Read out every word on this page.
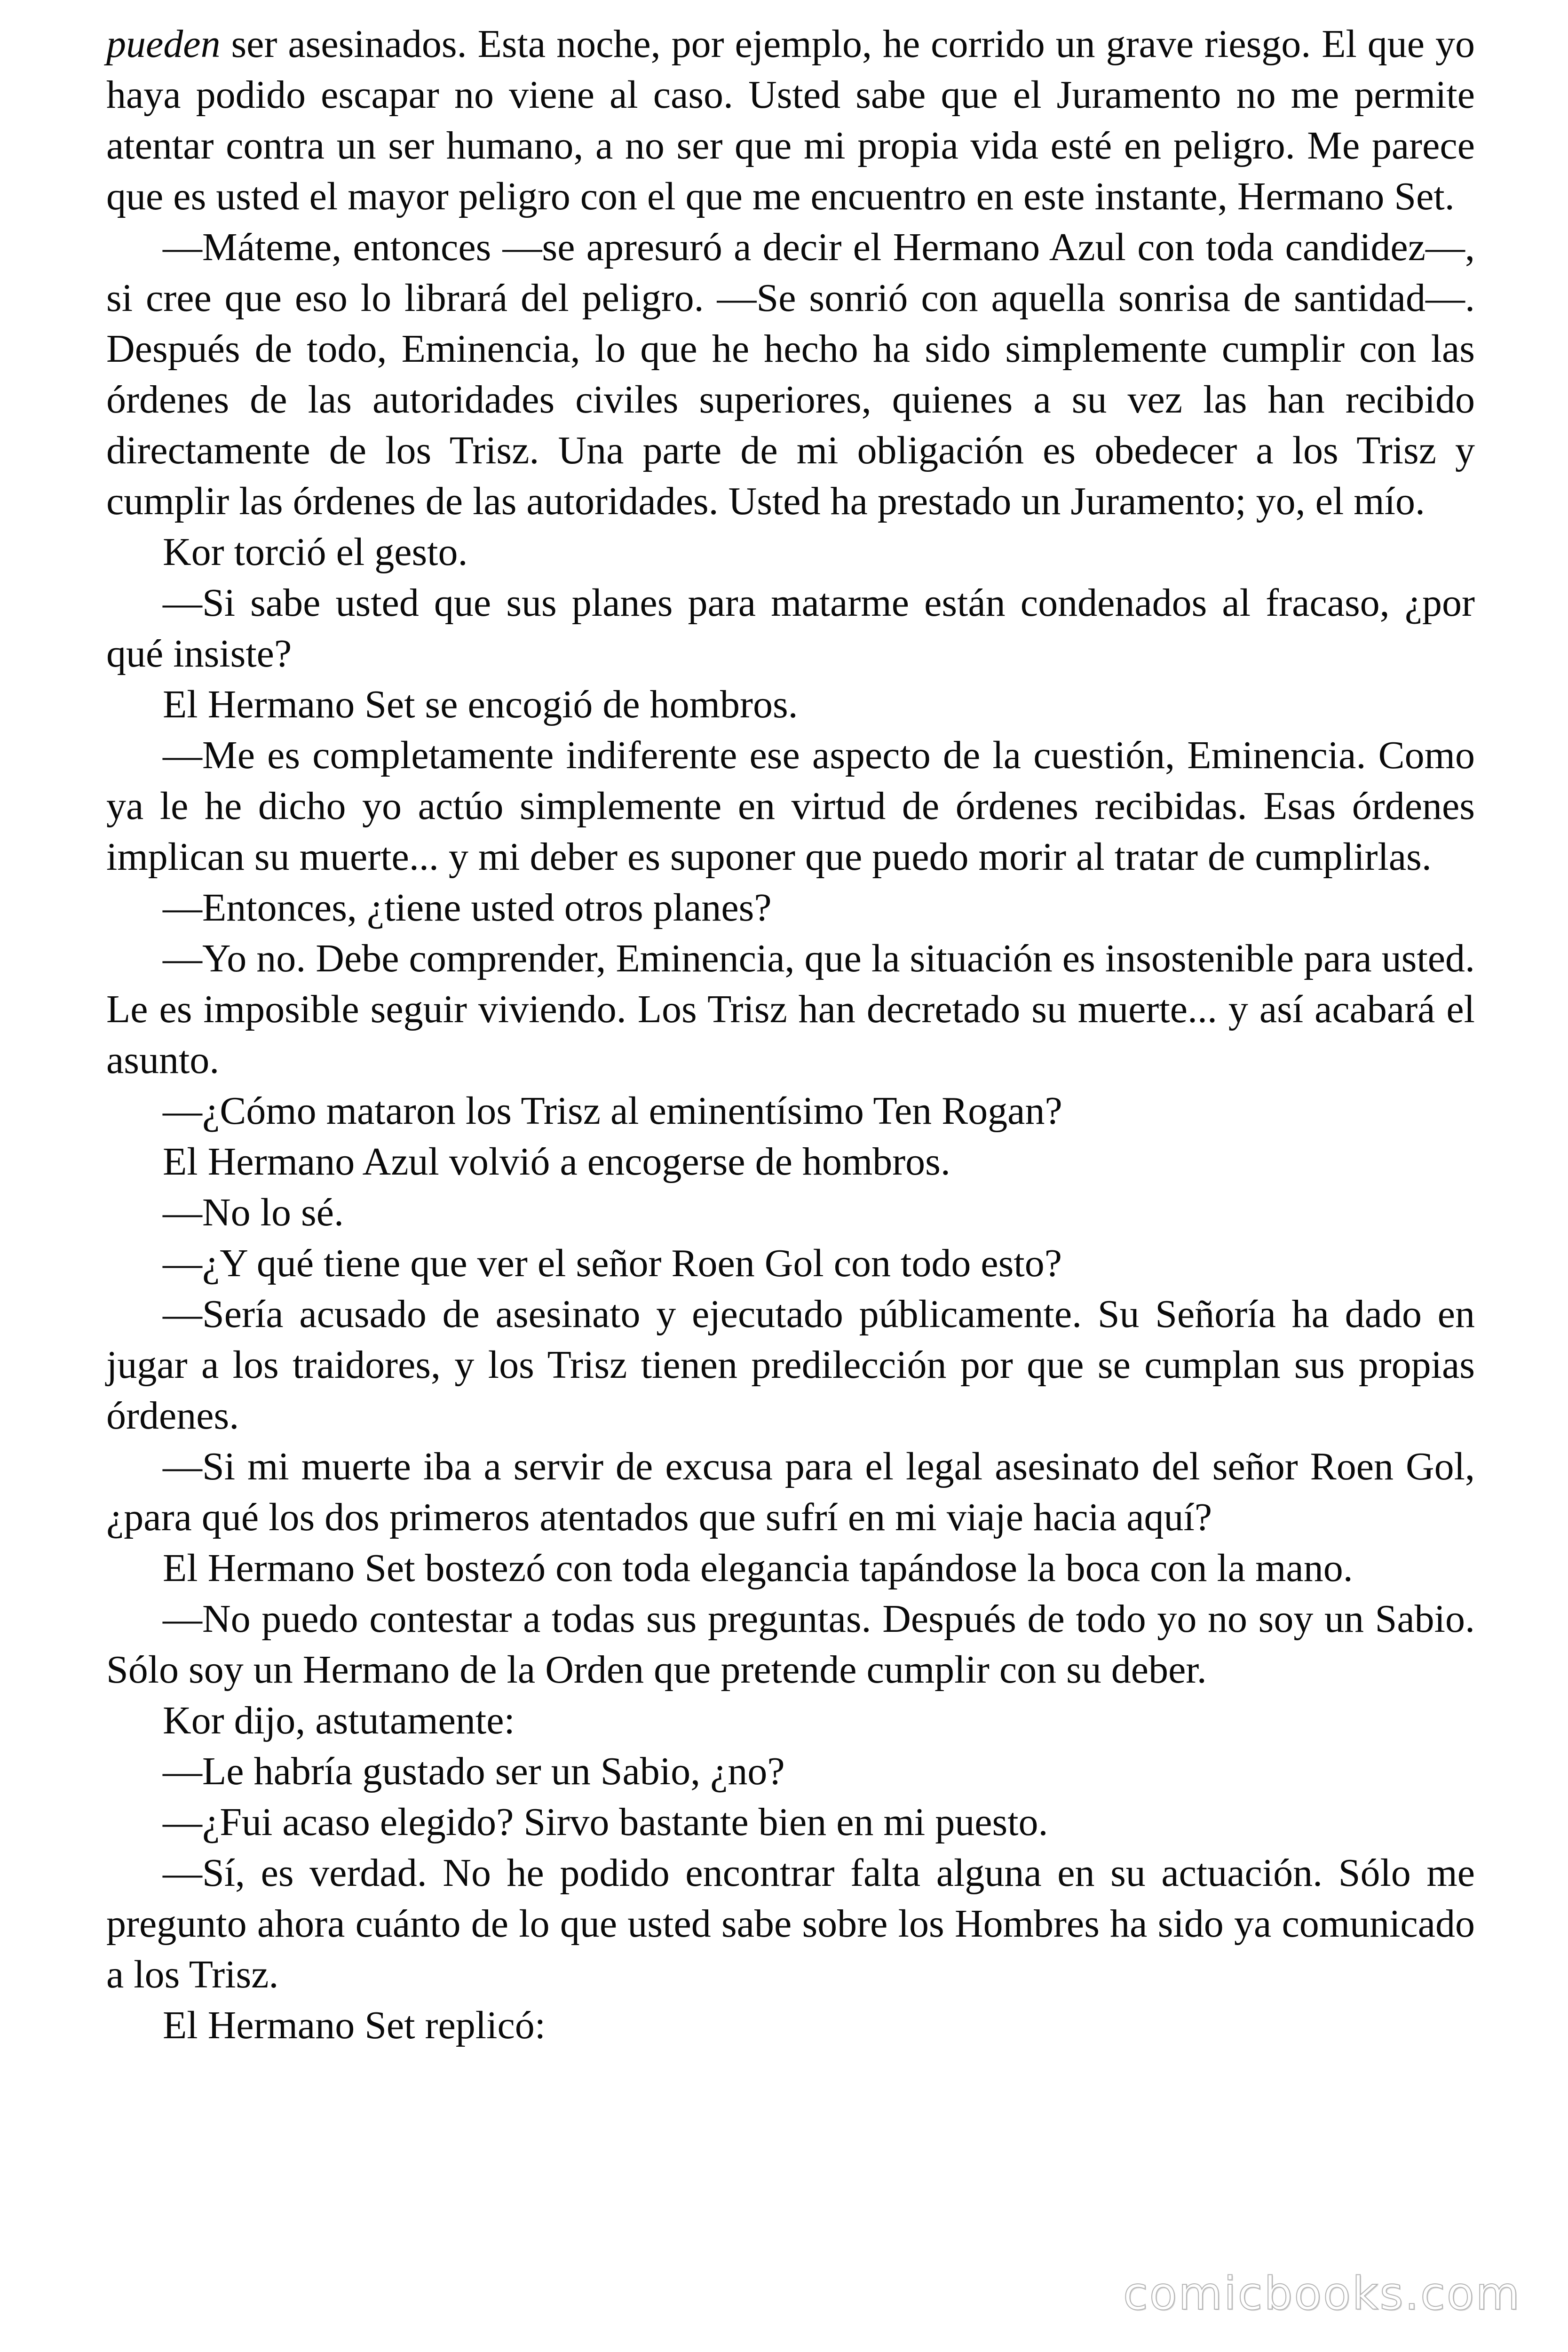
pueden ser asesinados. Esta noche, por ejemplo, he corrido un grave riesgo. El que yo haya podido escapar no viene al caso. Usted sabe que el Juramento no me permite atentar contra un ser humano, a no ser que mi propia vida esté en peligro. Me parece que es usted el mayor peligro con el que me encuentro en este instante, Hermano Set.

—Máteme, entonces —se apresuró a decir el Hermano Azul con toda candidez—, si cree que eso lo librará del peligro. —Se sonrió con aquella sonrisa de santidad—. Después de todo, Eminencia, lo que he hecho ha sido simplemente cumplir con las órdenes de las autoridades civiles superiores, quienes a su vez las han recibido directamente de los Trisz. Una parte de mi obligación es obedecer a los Trisz y cumplir las órdenes de las autoridades. Usted ha prestado un Juramento; yo, el mío.

Kor torció el gesto.

—Si sabe usted que sus planes para matarme están condenados al fracaso, ¿por qué insiste?

El Hermano Set se encogió de hombros.

—Me es completamente indiferente ese aspecto de la cuestión, Eminencia. Como ya le he dicho yo actúo simplemente en virtud de órdenes recibidas. Esas órdenes implican su muerte... y mi deber es suponer que puedo morir al tratar de cumplirlas.

—Entonces, ¿tiene usted otros planes?

—Yo no. Debe comprender, Eminencia, que la situación es insostenible para usted. Le es imposible seguir viviendo. Los Trisz han decretado su muerte... y así acabará el asunto.

—¿Cómo mataron los Trisz al eminentísimo Ten Rogan?

El Hermano Azul volvió a encogerse de hombros.

—No lo sé.

—¿Y qué tiene que ver el señor Roen Gol con todo esto?

—Sería acusado de asesinato y ejecutado públicamente. Su Señoría ha dado en jugar a los traidores, y los Trisz tienen predilección por que se cumplan sus propias órdenes.

—Si mi muerte iba a servir de excusa para el legal asesinato del señor Roen Gol, ¿para qué los dos primeros atentados que sufrí en mi viaje hacia aquí?

El Hermano Set bostezó con toda elegancia tapándose la boca con la mano.

—No puedo contestar a todas sus preguntas. Después de todo yo no soy un Sabio. Sólo soy un Hermano de la Orden que pretende cumplir con su deber.

Kor dijo, astutamente:

—Le habría gustado ser un Sabio, ¿no?

—¿Fui acaso elegido? Sirvo bastante bien en mi puesto.

—Sí, es verdad. No he podido encontrar falta alguna en su actuación. Sólo me pregunto ahora cuánto de lo que usted sabe sobre los Hombres ha sido ya comunicado a los Trisz.

El Hermano Set replicó:

comicbooks.com
